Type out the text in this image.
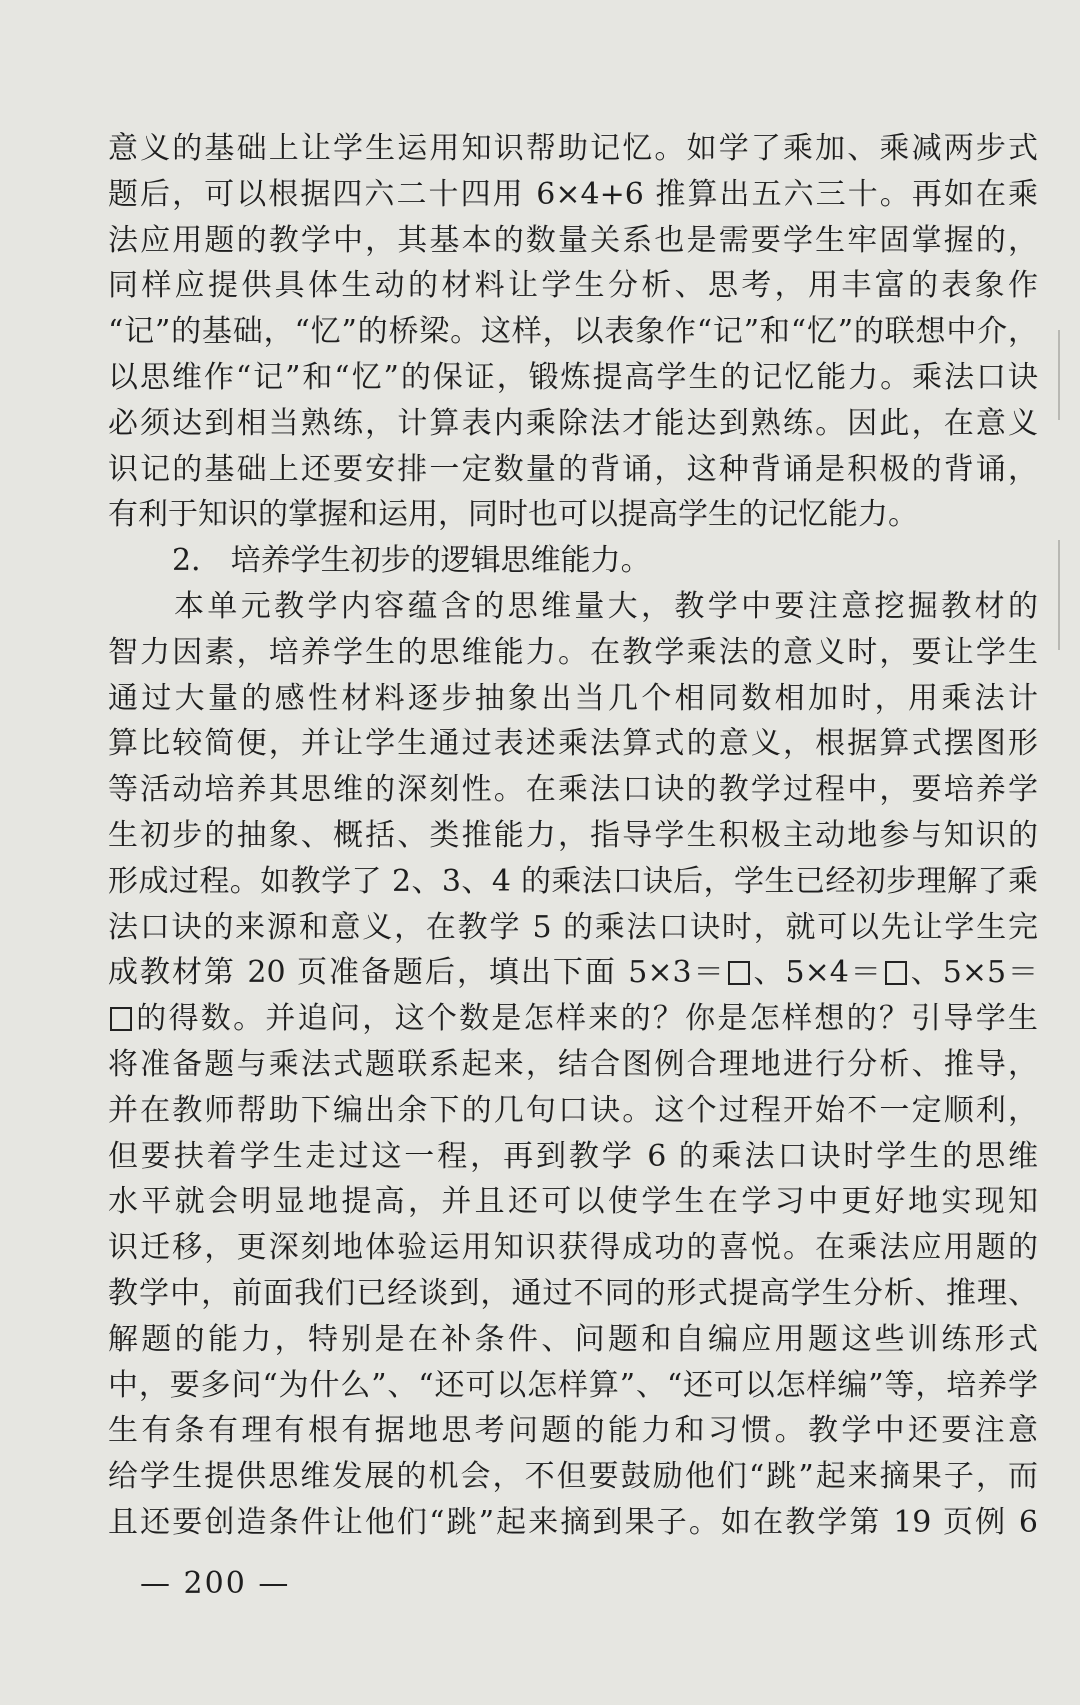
意义的基础上让学生运用知识帮助记忆。如学了乘加、乘减两步式
题后，可以根据四六二十四用 6×4+6 推算出五六三十。再如在乘
法应用题的教学中，其基本的数量关系也是需要学生牢固掌握的，
同样应提供具体生动的材料让学生分析、思考，用丰富的表象作
“记”的基础，“忆”的桥梁。这样，以表象作“记”和“忆”的联想中介，
以思维作“记”和“忆”的保证，锻炼提高学生的记忆能力。乘法口诀
必须达到相当熟练，计算表内乘除法才能达到熟练。因此，在意义
识记的基础上还要安排一定数量的背诵，这种背诵是积极的背诵，
有利于知识的掌握和运用，同时也可以提高学生的记忆能力。
2． 培养学生初步的逻辑思维能力。
本单元教学内容蕴含的思维量大，教学中要注意挖掘教材的
智力因素，培养学生的思维能力。在教学乘法的意义时，要让学生
通过大量的感性材料逐步抽象出当几个相同数相加时，用乘法计
算比较简便，并让学生通过表述乘法算式的意义，根据算式摆图形
等活动培养其思维的深刻性。在乘法口诀的教学过程中，要培养学
生初步的抽象、概括、类推能力，指导学生积极主动地参与知识的
形成过程。如教学了 2、3、4 的乘法口诀后，学生已经初步理解了乘
法口诀的来源和意义，在教学 5 的乘法口诀时，就可以先让学生完
成教材第 20 页准备题后，填出下面 5×3＝ 、5×4＝ 、5×5＝
的得数。并追问，这个数是怎样来的？你是怎样想的？引导学生
将准备题与乘法式题联系起来，结合图例合理地进行分析、推导，
并在教师帮助下编出余下的几句口诀。这个过程开始不一定顺利，
但要扶着学生走过这一程，再到教学 6 的乘法口诀时学生的思维
水平就会明显地提高，并且还可以使学生在学习中更好地实现知
识迁移，更深刻地体验运用知识获得成功的喜悦。在乘法应用题的
教学中，前面我们已经谈到，通过不同的形式提高学生分析、推理、
解题的能力，特别是在补条件、问题和自编应用题这些训练形式
中，要多问“为什么”、“还可以怎样算”、“还可以怎样编”等，培养学
生有条有理有根有据地思考问题的能力和习惯。教学中还要注意
给学生提供思维发展的机会，不但要鼓励他们“跳”起来摘果子，而
且还要创造条件让他们“跳”起来摘到果子。如在教学第 19 页例 6
— 200 —
